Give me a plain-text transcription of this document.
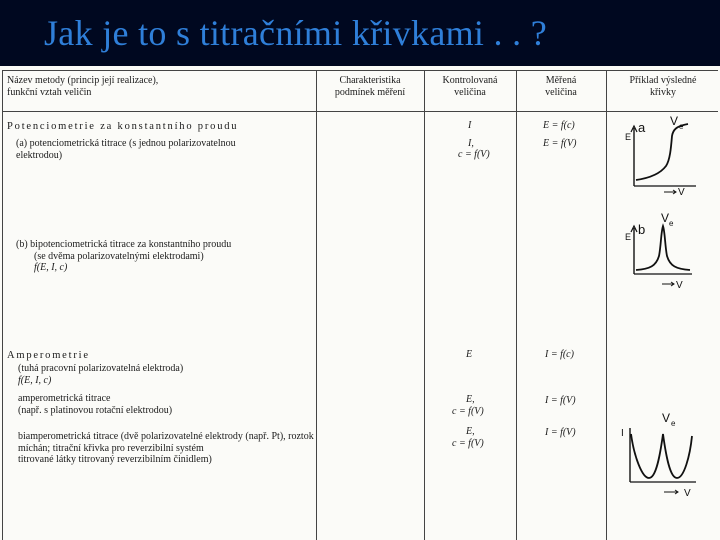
Jak je to s titračními křivkami . . ?
Název metody (princip její realizace),
funkční vztah veličin
Charakteristika
podmínek měření
Kontrolovaná
veličina
Měřená
veličina
Příklad výsledné
křivky
Potenciometrie za konstantního proudu
(a) potenciometrická titrace (s jednou polarizovatelnou
elektrodou)
I
I,
c = f(V)
E = f(c)
E = f(V)
(b) bipotenciometrická titrace za konstantního proudu
(se dvěma polarizovatelnými elektrodami)
f(E, I, c)
Amperometrie
(tuhá pracovní polarizovatelná elektroda)
f(E, I, c)
E	I = f(c)
amperometrická titrace
(např. s platinovou rotační elektrodou)
E,
c = f(V)
I = f(V)
biamperometrická titrace (dvě polarizovatelné elektrody (např. Pt), roztok
míchán; titrační křivka pro reverzibilní systém
titrované látky titrovaný reverzibilním činidlem)
E,
c = f(V)
I = f(V)
E
a V e
V
E b
V e
V
I
V e
V
